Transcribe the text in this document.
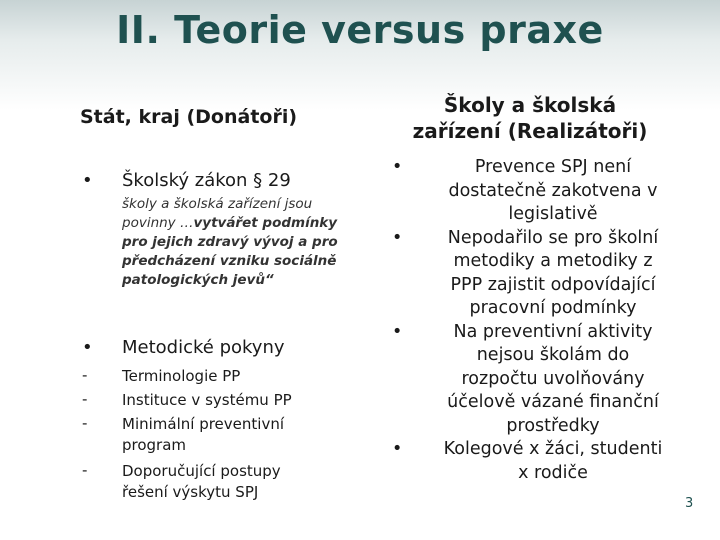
II. Teorie versus praxe
Stát, kraj (Donátoři)	Školy a školská
zařízení (Realizátoři)
• Školský zákon § 29
školy a školská zařízení jsou povinny …vytvářet podmínky pro jejich zdravý vývoj a pro předcházení vzniku sociálně patologických jevů“
• Metodické pokyny
- Terminologie PP
- Instituce v systému PP
- Minimální preventivní
program
- Doporučující postupy
řešení výskytu SPJ
•	Prevence SPJ není
dostatečně zakotvena v
legislativě
•	Nepodařilo se pro školní
metodiky a metodiky z
PPP zajistit odpovídající
pracovní podmínky
•	Na preventivní aktivity
nejsou školám do
rozpočtu uvolňovány
účelově vázané finanční
prostředky
•	Kolegové x žáci, studenti
x rodiče
3
